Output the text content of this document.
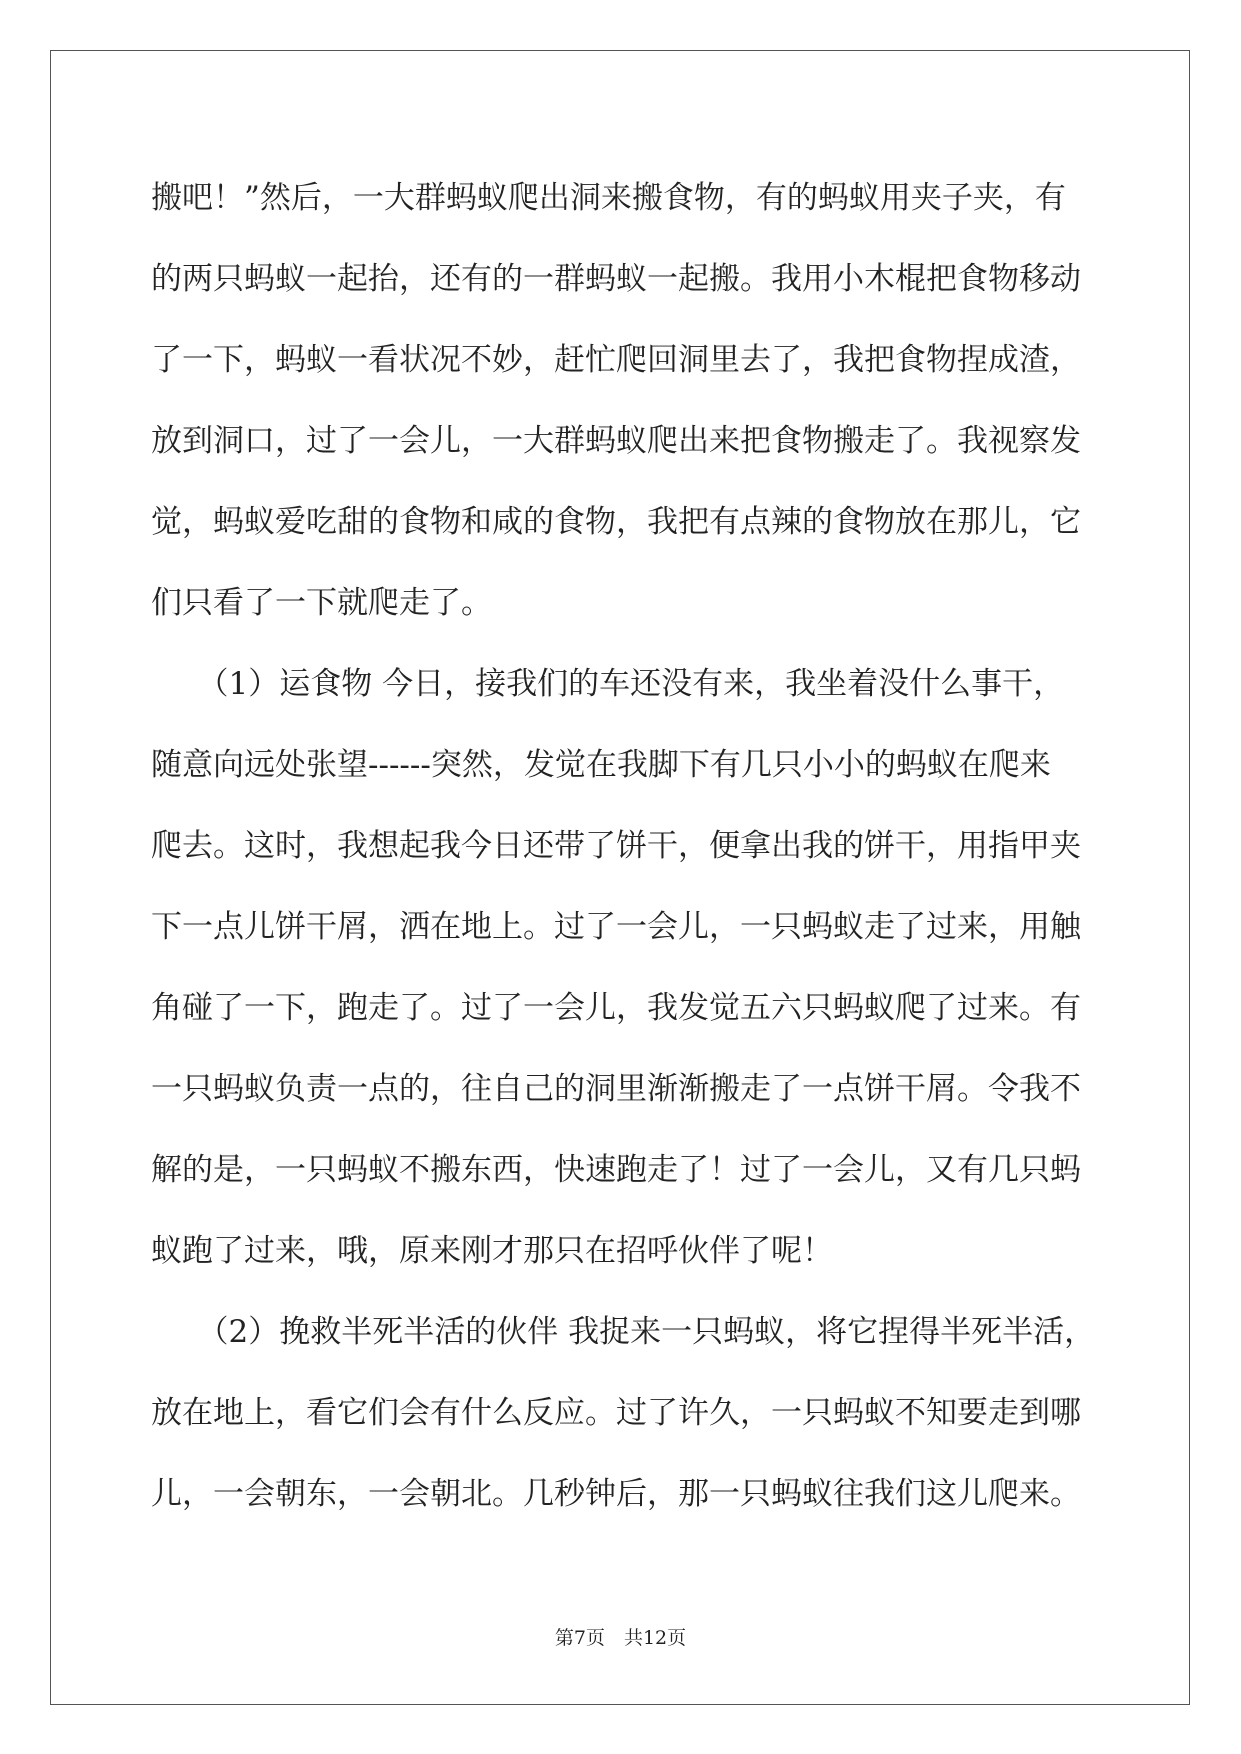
搬吧！”然后，一大群蚂蚁爬出洞来搬食物，有的蚂蚁用夹子夹，有
的两只蚂蚁一起抬，还有的一群蚂蚁一起搬。我用小木棍把食物移动
了一下，蚂蚁一看状况不妙，赶忙爬回洞里去了，我把食物捏成渣，
放到洞口，过了一会儿，一大群蚂蚁爬出来把食物搬走了。我视察发
觉，蚂蚁爱吃甜的食物和咸的食物，我把有点辣的食物放在那儿，它
们只看了一下就爬走了。
　　（1）运食物 今日，接我们的车还没有来，我坐着没什么事干，
随意向远处张望------突然，发觉在我脚下有几只小小的蚂蚁在爬来
爬去。这时，我想起我今日还带了饼干，便拿出我的饼干，用指甲夹
下一点儿饼干屑，洒在地上。过了一会儿，一只蚂蚁走了过来，用触
角碰了一下，跑走了。过了一会儿，我发觉五六只蚂蚁爬了过来。有
一只蚂蚁负责一点的，往自己的洞里渐渐搬走了一点饼干屑。令我不
解的是，一只蚂蚁不搬东西，快速跑走了！过了一会儿，又有几只蚂
蚁跑了过来，哦，原来刚才那只在招呼伙伴了呢！
　　（2）挽救半死半活的伙伴 我捉来一只蚂蚁，将它捏得半死半活，
放在地上，看它们会有什么反应。过了许久，一只蚂蚁不知要走到哪
儿，一会朝东，一会朝北。几秒钟后，那一只蚂蚁往我们这儿爬来。
第7页　共12页
